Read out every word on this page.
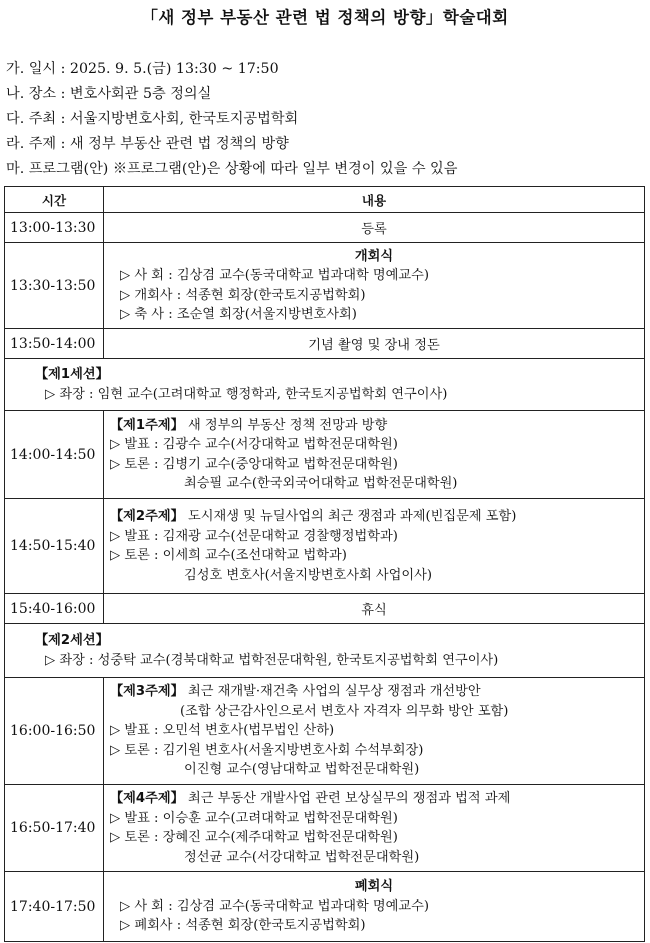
「새 정부 부동산 관련 법 정책의 방향」학술대회
가. 일시 : 2025. 9. 5.(금) 13:30 ~ 17:50
나. 장소 : 변호사회관 5층 정의실
다. 주최 : 서울지방변호사회, 한국토지공법학회
라. 주제 : 새 정부 부동산 관련 법 정책의 방향
마. 프로그램(안) ※프로그램(안)은 상황에 따라 일부 변경이 있을 수 있음
시간	내용
13:00-13:30	등록
13:30-13:50	개회식
▷ 사 회 : 김상겸 교수(동국대학교 법과대학 명예교수)
▷ 개회사 : 석종현 회장(한국토지공법학회)
▷ 축 사 : 조순열 회장(서울지방변호사회)

13:50-14:00	기념 촬영 및 장내 정돈

【제1세션】
▷ 좌장 : 임현 교수(고려대학교 행정학과, 한국토지공법학회 연구이사)	

14:00-14:50	【제1주제】 새 정부의 부동산 정책 전망과 방향
▷ 발표 : 김광수 교수(서강대학교 법학전문대학원)
▷ 토론 : 김병기 교수(중앙대학교 법학전문대학원)
최승필 교수(한국외국어대학교 법학전문대학원)

14:50-15:40	【제2주제】 도시재생 및 뉴딜사업의 최근 쟁점과 과제(빈집문제 포함)
▷ 발표 : 김재광 교수(선문대학교 경찰행정법학과)
▷ 토론 : 이세희 교수(조선대학교 법학과)
김성호 변호사(서울지방변호사회 사업이사)

15:40-16:00	휴식

【제2세션】
▷ 좌장 : 성중탁 교수(경북대학교 법학전문대학원, 한국토지공법학회 연구이사)	

16:00-16:50	【제3주제】 최근 재개발·재건축 사업의 실무상 쟁점과 개선방안
(조합 상근감사인으로서 변호사 자격자 의무화 방안 포함)
▷ 발표 : 오민석 변호사(법무법인 산하)
▷ 토론 : 김기원 변호사(서울지방변호사회 수석부회장)
이진형 교수(영남대학교 법학전문대학원)

16:50-17:40	【제4주제】 최근 부동산 개발사업 관련 보상실무의 쟁점과 법적 과제
▷ 발표 : 이승훈 교수(고려대학교 법학전문대학원)
▷ 토론 : 장혜진 교수(제주대학교 법학전문대학원)
정선균 교수(서강대학교 법학전문대학원)

17:40-17:50	폐회식
▷ 사 회 : 김상겸 교수(동국대학교 법과대학 명예교수)
▷ 폐회사 : 석종현 회장(한국토지공법학회)
